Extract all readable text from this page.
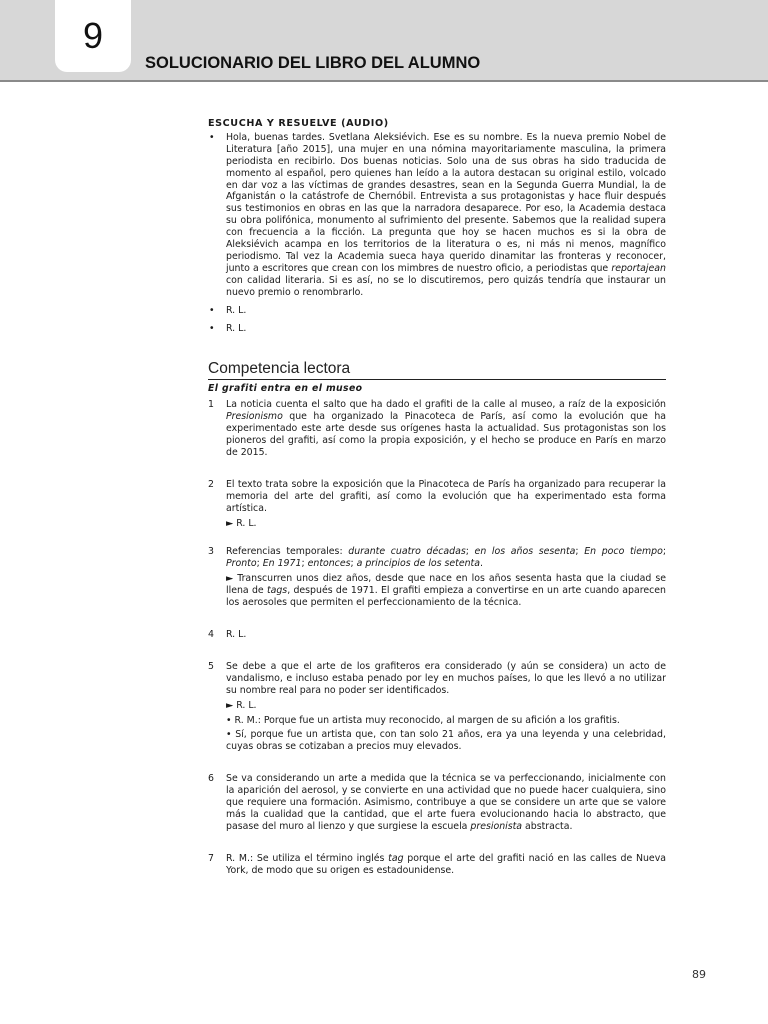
9
SOLUCIONARIO DEL LIBRO DEL ALUMNO
ESCUCHA Y RESUELVE (AUDIO)

• Hola, buenas tardes. Svetlana Aleksiévich. Ese es su nombre. Es la nueva premio Nobel de Literatura [año 2015], una mujer en una nómina mayoritariamente masculina, la primera periodista en recibirlo. Dos buenas noticias. Solo una de sus obras ha sido traducida de momento al español, pero quienes han leído a la autora destacan su original estilo, volcado en dar voz a las víctimas de grandes desastres, sean en la Segunda Guerra Mundial, la de Afganistán o la catástrofe de Chernóbil. Entrevista a sus protagonistas y hace fluir después sus testimonios en obras en las que la narradora desaparece. Por eso, la Academia destaca su obra polifónica, monumento al sufrimiento del presente. Sabemos que la realidad supera con frecuencia a la ficción. La pregunta que hoy se hacen muchos es si la obra de Aleksiévich acampa en los territorios de la literatura o es, ni más ni menos, magnífico periodismo. Tal vez la Academia sueca haya querido dinamitar las fronteras y reconocer, junto a escritores que crean con los mimbres de nuestro oficio, a periodistas que reportajean con calidad literaria. Si es así, no se lo discutiremos, pero quizás tendría que instaurar un nuevo premio o renombrarlo.

• R. L.

• R. L.

Competencia lectora
El grafiti entra en el museo
1 La noticia cuenta el salto que ha dado el grafiti de la calle al museo, a raíz de la exposición Presionismo que ha organizado la Pinacoteca de París, así como la evolución que ha experimentado este arte desde sus orígenes hasta la actualidad. Sus protagonistas son los pioneros del grafiti, así como la propia exposición, y el hecho se produce en París en marzo de 2015.

2 El texto trata sobre la exposición que la Pinacoteca de París ha organizado para recuperar la memoria del arte del grafiti, así como la evolución que ha experimentado esta forma artística.

► R. L.

3 Referencias temporales: durante cuatro décadas; en los años sesenta; En poco tiempo; Pronto; En 1971; entonces; a principios de los setenta.

► Transcurren unos diez años, desde que nace en los años sesenta hasta que la ciudad se llena de tags, después de 1971. El grafiti empieza a convertirse en un arte cuando aparecen los aerosoles que permiten el perfeccionamiento de la técnica.

4 R. L.

5 Se debe a que el arte de los grafiteros era considerado (y aún se considera) un acto de vandalismo, e incluso estaba penado por ley en muchos países, lo que les llevó a no utilizar su nombre real para no poder ser identificados.

► R. L.

• R. M.: Porque fue un artista muy reconocido, al margen de su afición a los grafitis.

• Sí, porque fue un artista que, con tan solo 21 años, era ya una leyenda y una celebridad, cuyas obras se cotizaban a precios muy elevados.

6 Se va considerando un arte a medida que la técnica se va perfeccionando, inicialmente con la aparición del aerosol, y se convierte en una actividad que no puede hacer cualquiera, sino que requiere una formación. Asimismo, contribuye a que se considere un arte que se valore más la cualidad que la cantidad, que el arte fuera evolucionando hacia lo abstracto, que pasase del muro al lienzo y que surgiese la escuela presionista abstracta.

7 R. M.: Se utiliza el término inglés tag porque el arte del grafiti nació en las calles de Nueva York, de modo que su origen es estadounidense.

89
